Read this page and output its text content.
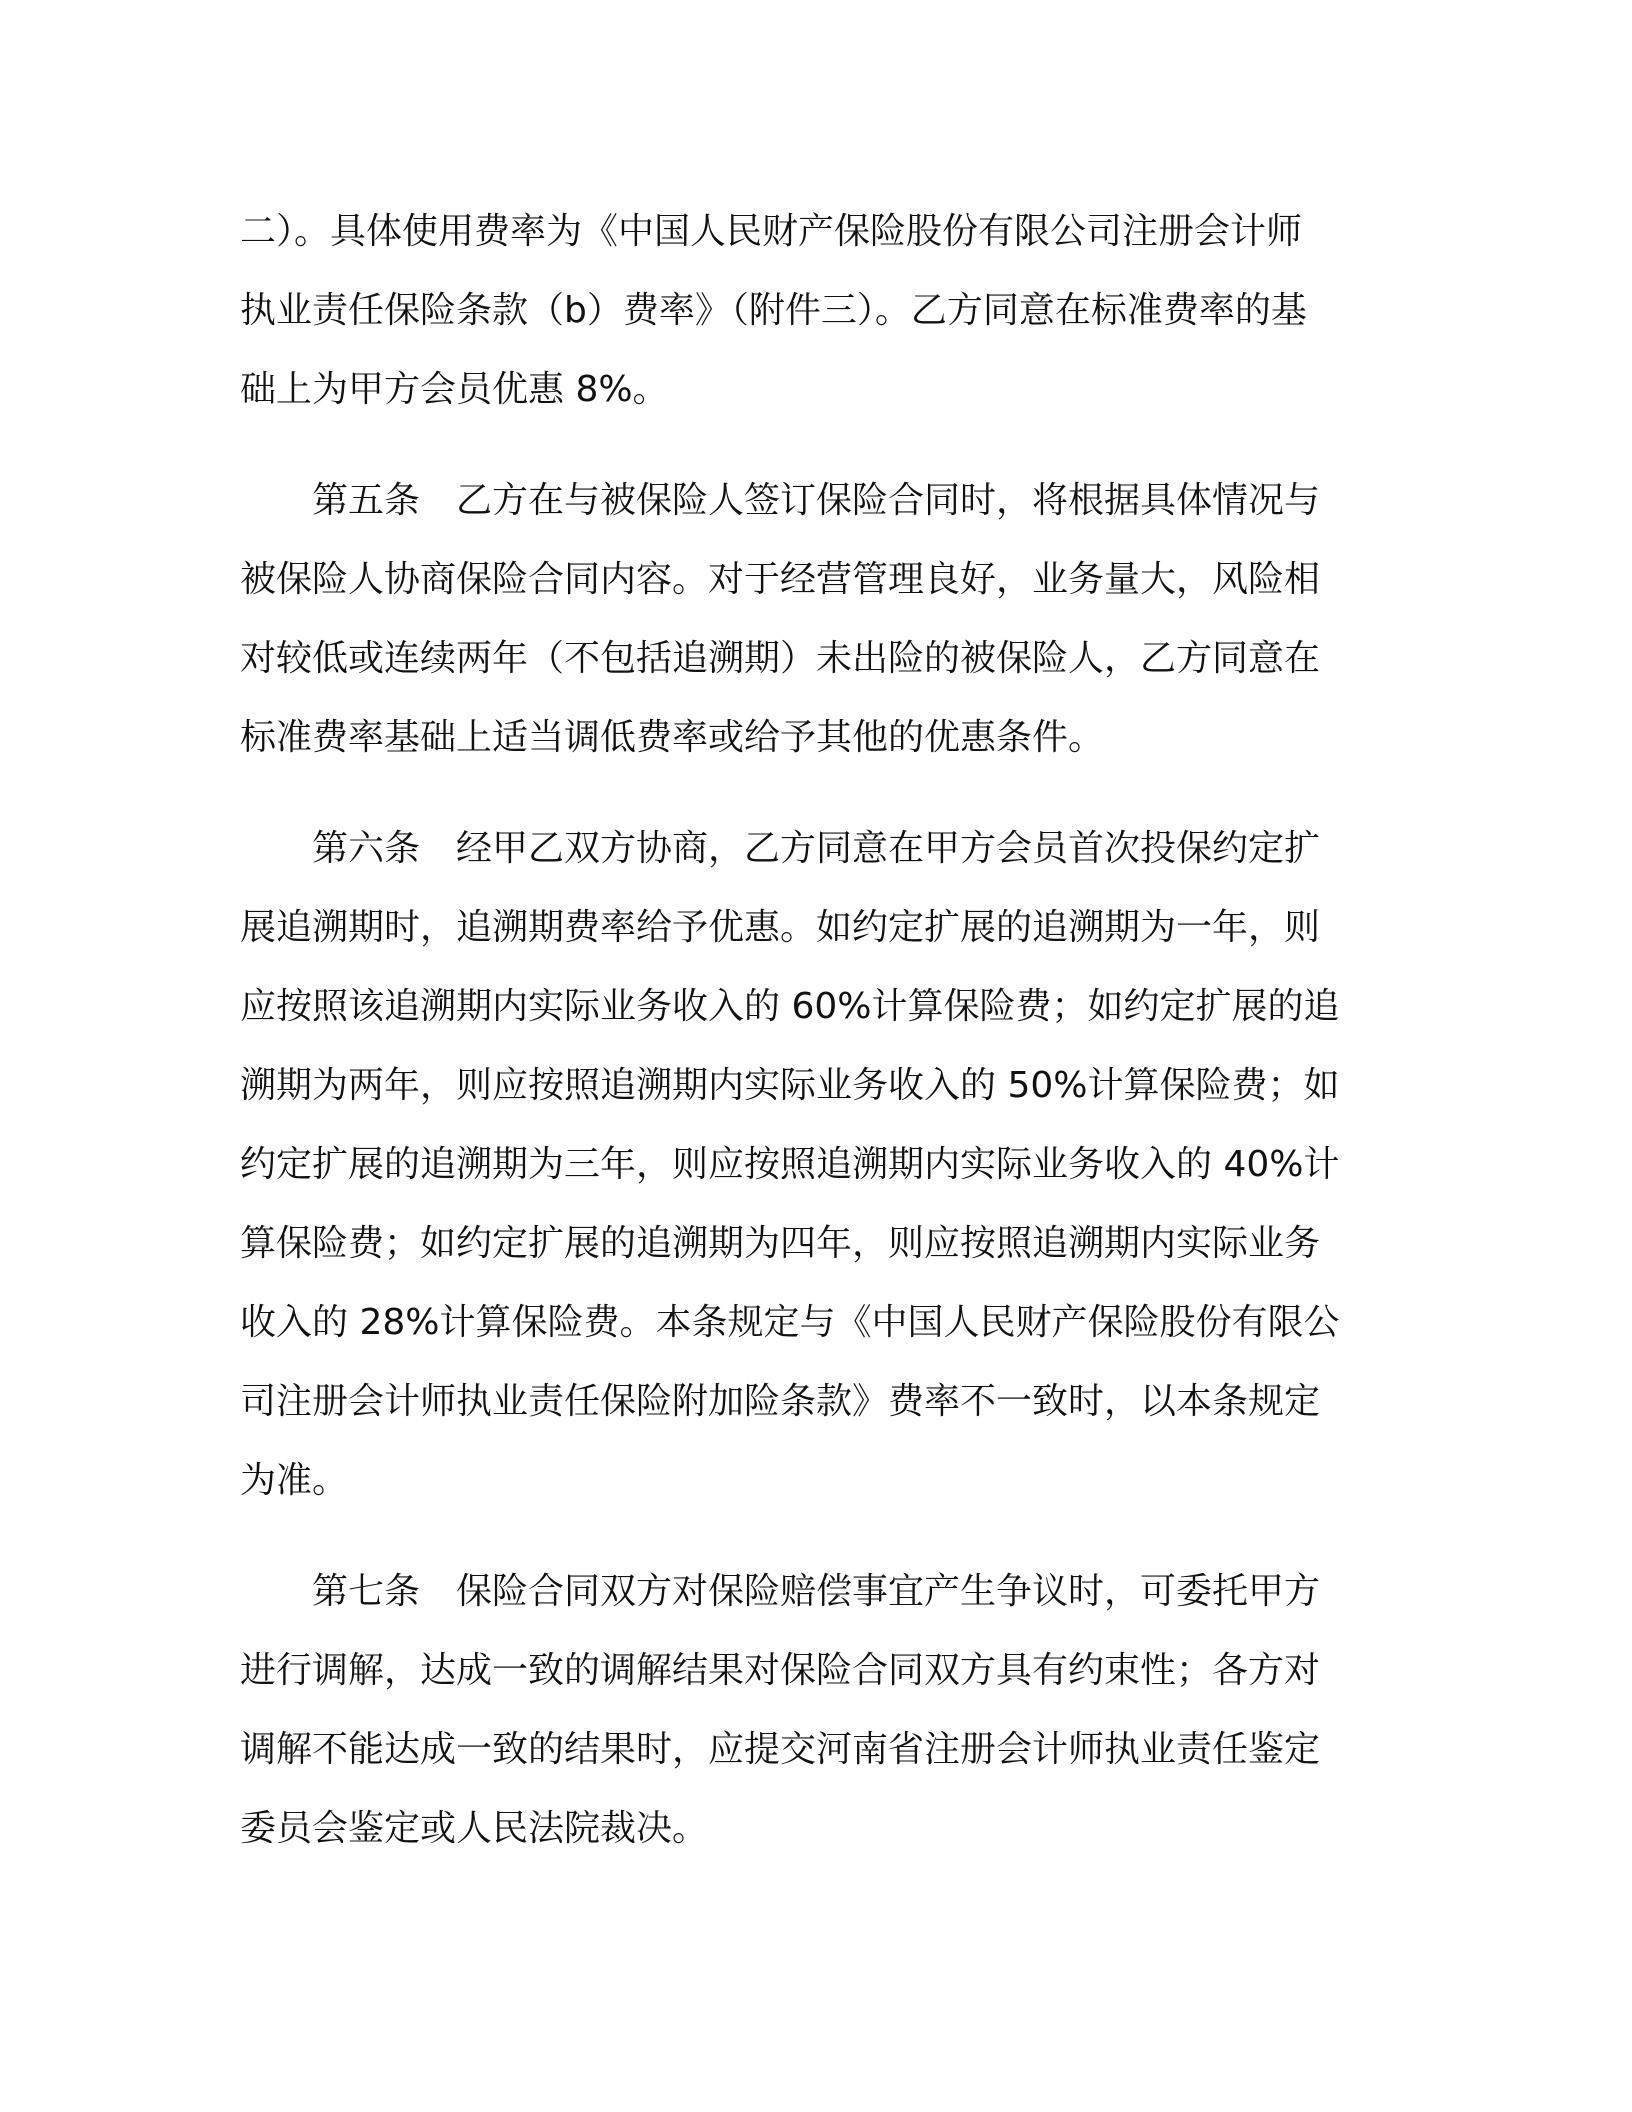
二）。具体使用费率为《中国人民财产保险股份有限公司注册会计师
执业责任保险条款（b）费率》（附件三）。乙方同意在标准费率的基
础上为甲方会员优惠 8%。

第五条 乙方在与被保险人签订保险合同时，将根据具体情况与
被保险人协商保险合同内容。对于经营管理良好，业务量大，风险相
对较低或连续两年（不包括追溯期）未出险的被保险人，乙方同意在
标准费率基础上适当调低费率或给予其他的优惠条件。

第六条 经甲乙双方协商，乙方同意在甲方会员首次投保约定扩
展追溯期时，追溯期费率给予优惠。如约定扩展的追溯期为一年，则
应按照该追溯期内实际业务收入的 60%计算保险费；如约定扩展的追
溯期为两年，则应按照追溯期内实际业务收入的 50%计算保险费；如
约定扩展的追溯期为三年，则应按照追溯期内实际业务收入的 40%计
算保险费；如约定扩展的追溯期为四年，则应按照追溯期内实际业务
收入的 28%计算保险费。本条规定与《中国人民财产保险股份有限公
司注册会计师执业责任保险附加险条款》费率不一致时，以本条规定
为准。

第七条 保险合同双方对保险赔偿事宜产生争议时，可委托甲方
进行调解，达成一致的调解结果对保险合同双方具有约束性；各方对
调解不能达成一致的结果时，应提交河南省注册会计师执业责任鉴定
委员会鉴定或人民法院裁决。
